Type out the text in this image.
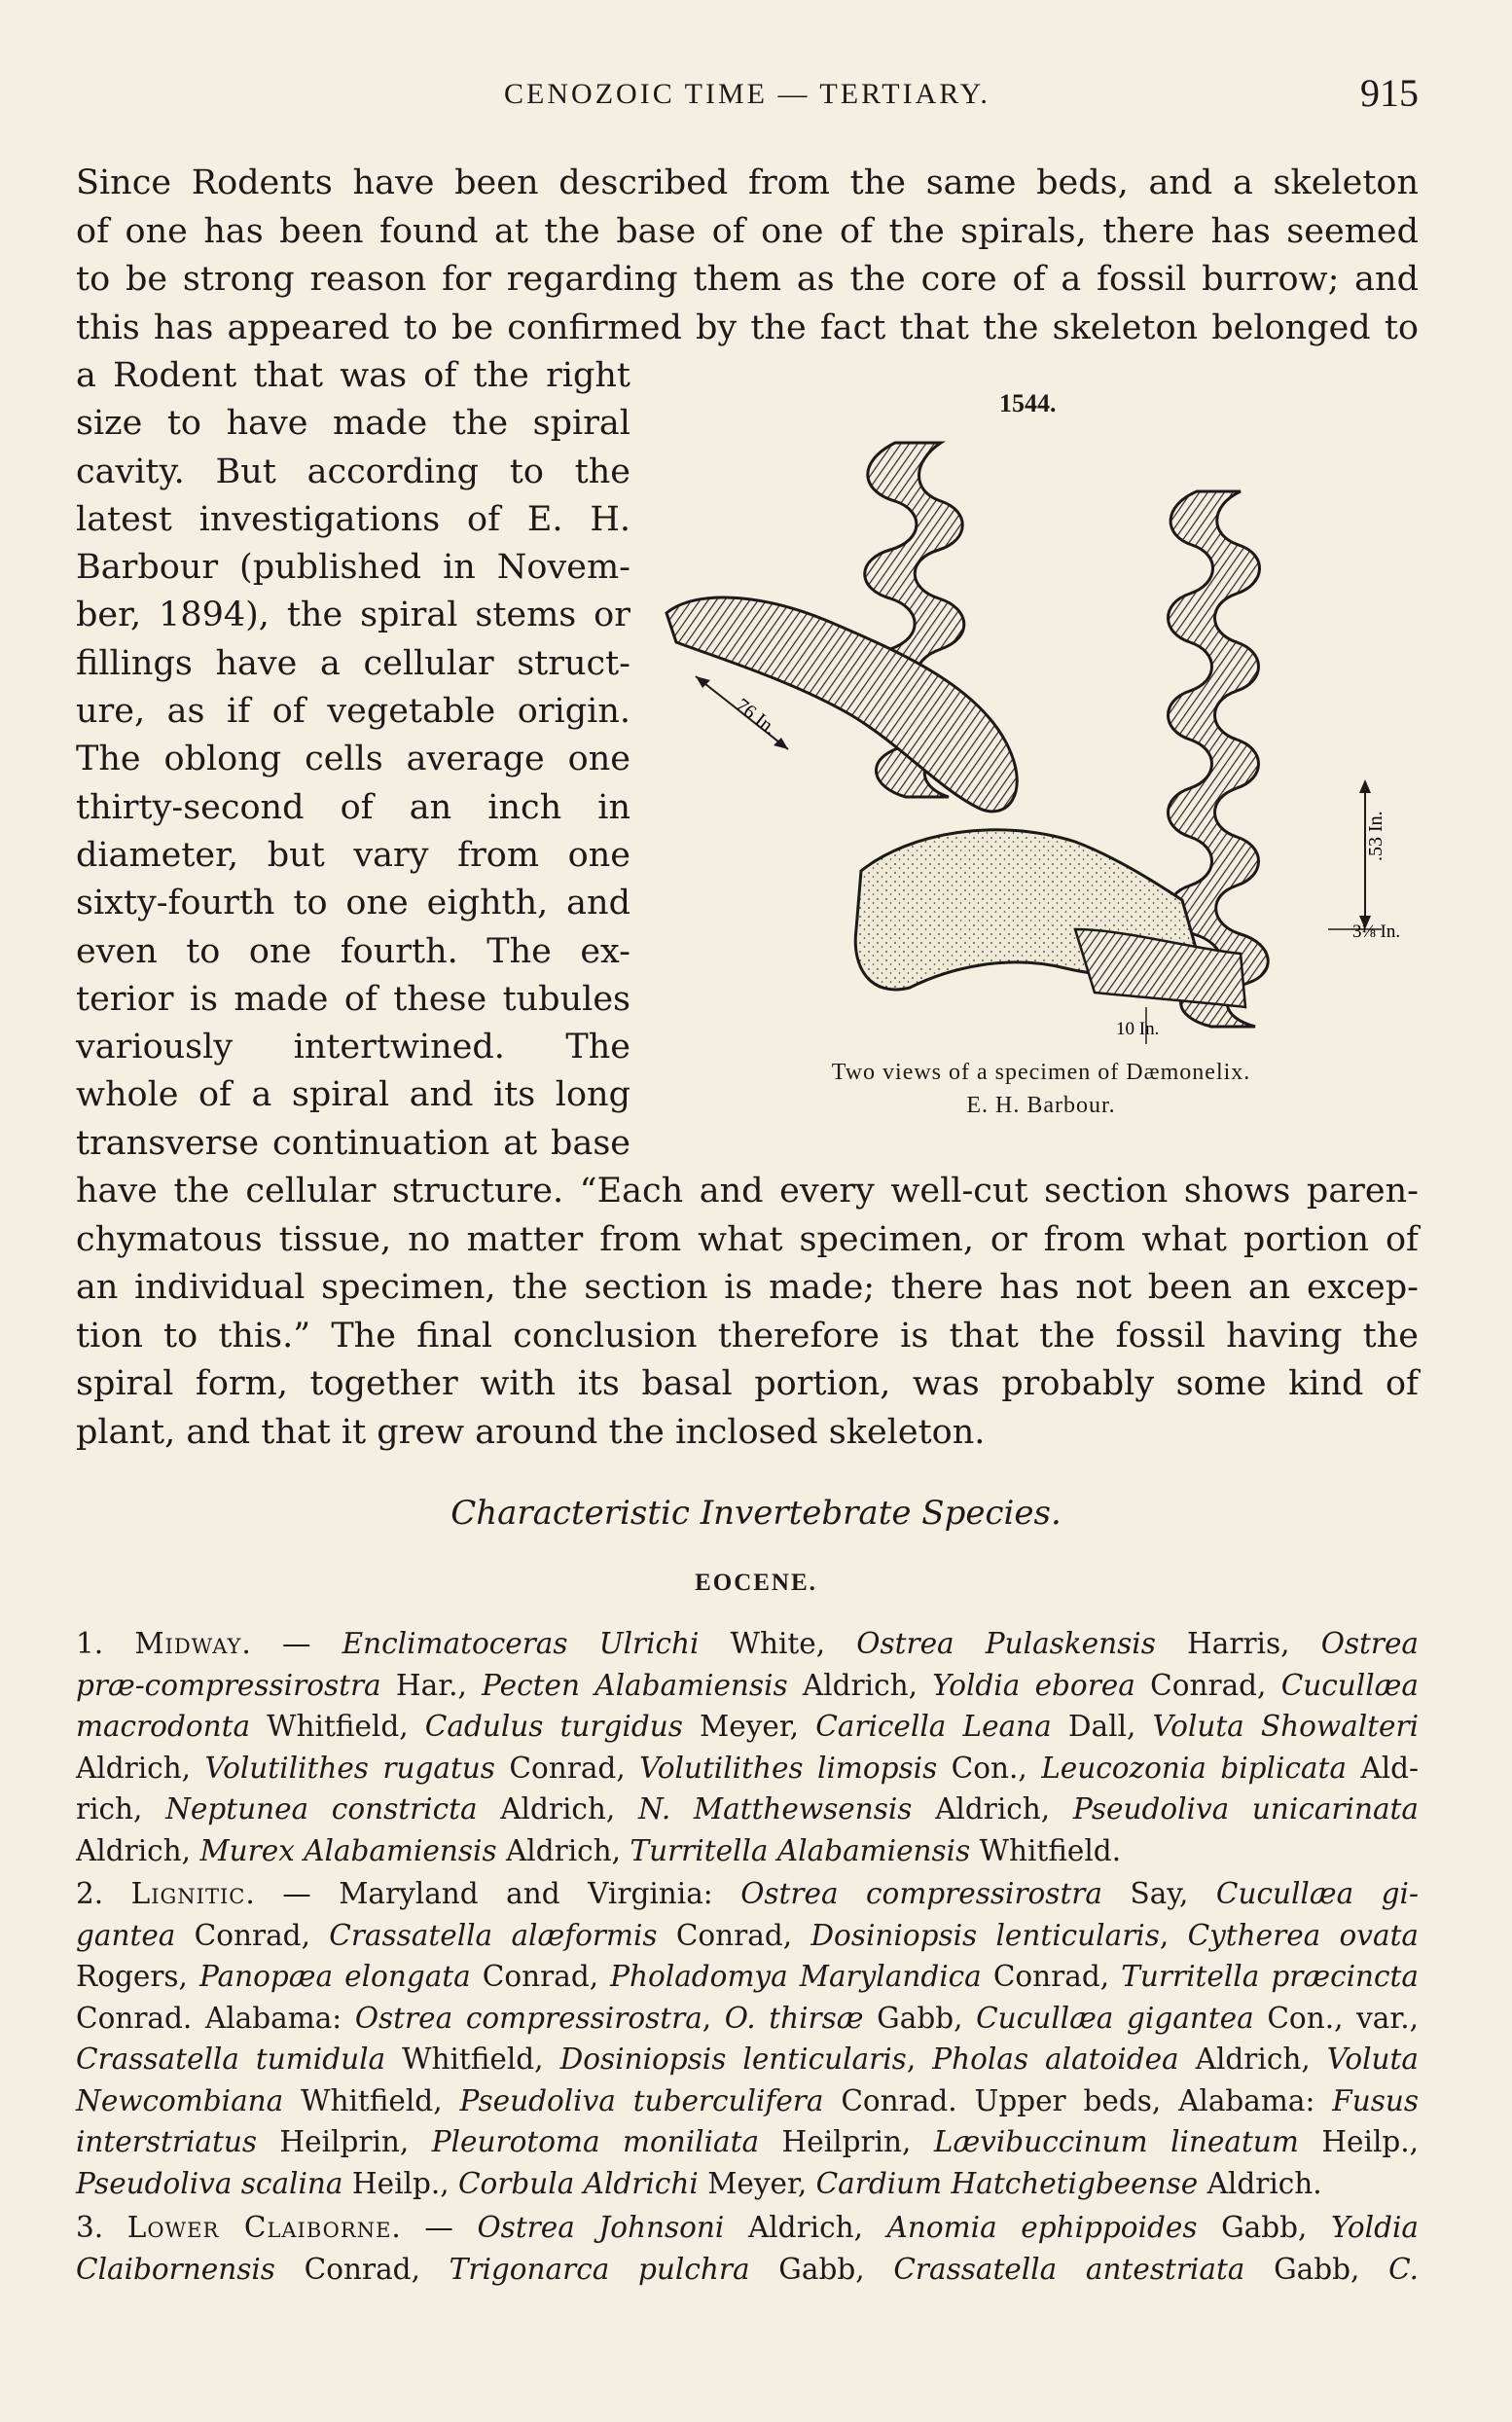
CENOZOIC TIME — TERTIARY.	915
Since Rodents have been described from the same beds, and a skeleton
of one has been found at the base of one of the spirals, there has seemed
to be strong reason for regarding them as the core of a fossil burrow; and
this has appeared to be confirmed by the fact that the skeleton belonged to
a Rodent that was of the right
size to have made the spiral
cavity. But according to the
latest investigations of E. H.
Barbour (published in Novem-
ber, 1894), the spiral stems or
fillings have a cellular struct-
ure, as if of vegetable origin.
The oblong cells average one
thirty-second of an inch in
diameter, but vary from one
sixty-fourth to one eighth, and
even to one fourth. The ex-
terior is made of these tubules
variously intertwined. The
whole of a spiral and its long
transverse continuation at base
1544.
76 In.
.53 In.
3⅛ In.
10 In.
Two views of a specimen of Dæmonelix.
E. H. Barbour.
have the cellular structure. “Each and every well-cut section shows paren-
chymatous tissue, no matter from what specimen, or from what portion of
an individual specimen, the section is made; there has not been an excep-
tion to this.” The final conclusion therefore is that the fossil having the
spiral form, together with its basal portion, was probably some kind of
plant, and that it grew around the inclosed skeleton.
Characteristic Invertebrate Species.
EOCENE.
1. Midway. — Enclimatoceras Ulrichi White, Ostrea Pulaskensis Harris, Ostrea
præ-compressirostra Har., Pecten Alabamiensis Aldrich, Yoldia eborea Conrad, Cucullæa
macrodonta Whitfield, Cadulus turgidus Meyer, Caricella Leana Dall, Voluta Showalteri
Aldrich, Volutilithes rugatus Conrad, Volutilithes limopsis Con., Leucozonia biplicata Ald-
rich, Neptunea constricta Aldrich, N. Matthewsensis Aldrich, Pseudoliva unicarinata
Aldrich, Murex Alabamiensis Aldrich, Turritella Alabamiensis Whitfield.
2. Lignitic. — Maryland and Virginia: Ostrea compressirostra Say, Cucullæa gi-
gantea Conrad, Crassatella alæformis Conrad, Dosiniopsis lenticularis, Cytherea ovata
Rogers, Panopæa elongata Conrad, Pholadomya Marylandica Conrad, Turritella præcincta
Conrad. Alabama: Ostrea compressirostra, O. thirsæ Gabb, Cucullæa gigantea Con., var.,
Crassatella tumidula Whitfield, Dosiniopsis lenticularis, Pholas alatoidea Aldrich, Voluta
Newcombiana Whitfield, Pseudoliva tuberculifera Conrad. Upper beds, Alabama: Fusus
interstriatus Heilprin, Pleurotoma moniliata Heilprin, Lævibuccinum lineatum Heilp.,
Pseudoliva scalina Heilp., Corbula Aldrichi Meyer, Cardium Hatchetigbeense Aldrich.
3. Lower Claiborne. — Ostrea Johnsoni Aldrich, Anomia ephippoides Gabb, Yoldia
Claibornensis Conrad, Trigonarca pulchra Gabb, Crassatella antestriata Gabb, C.
